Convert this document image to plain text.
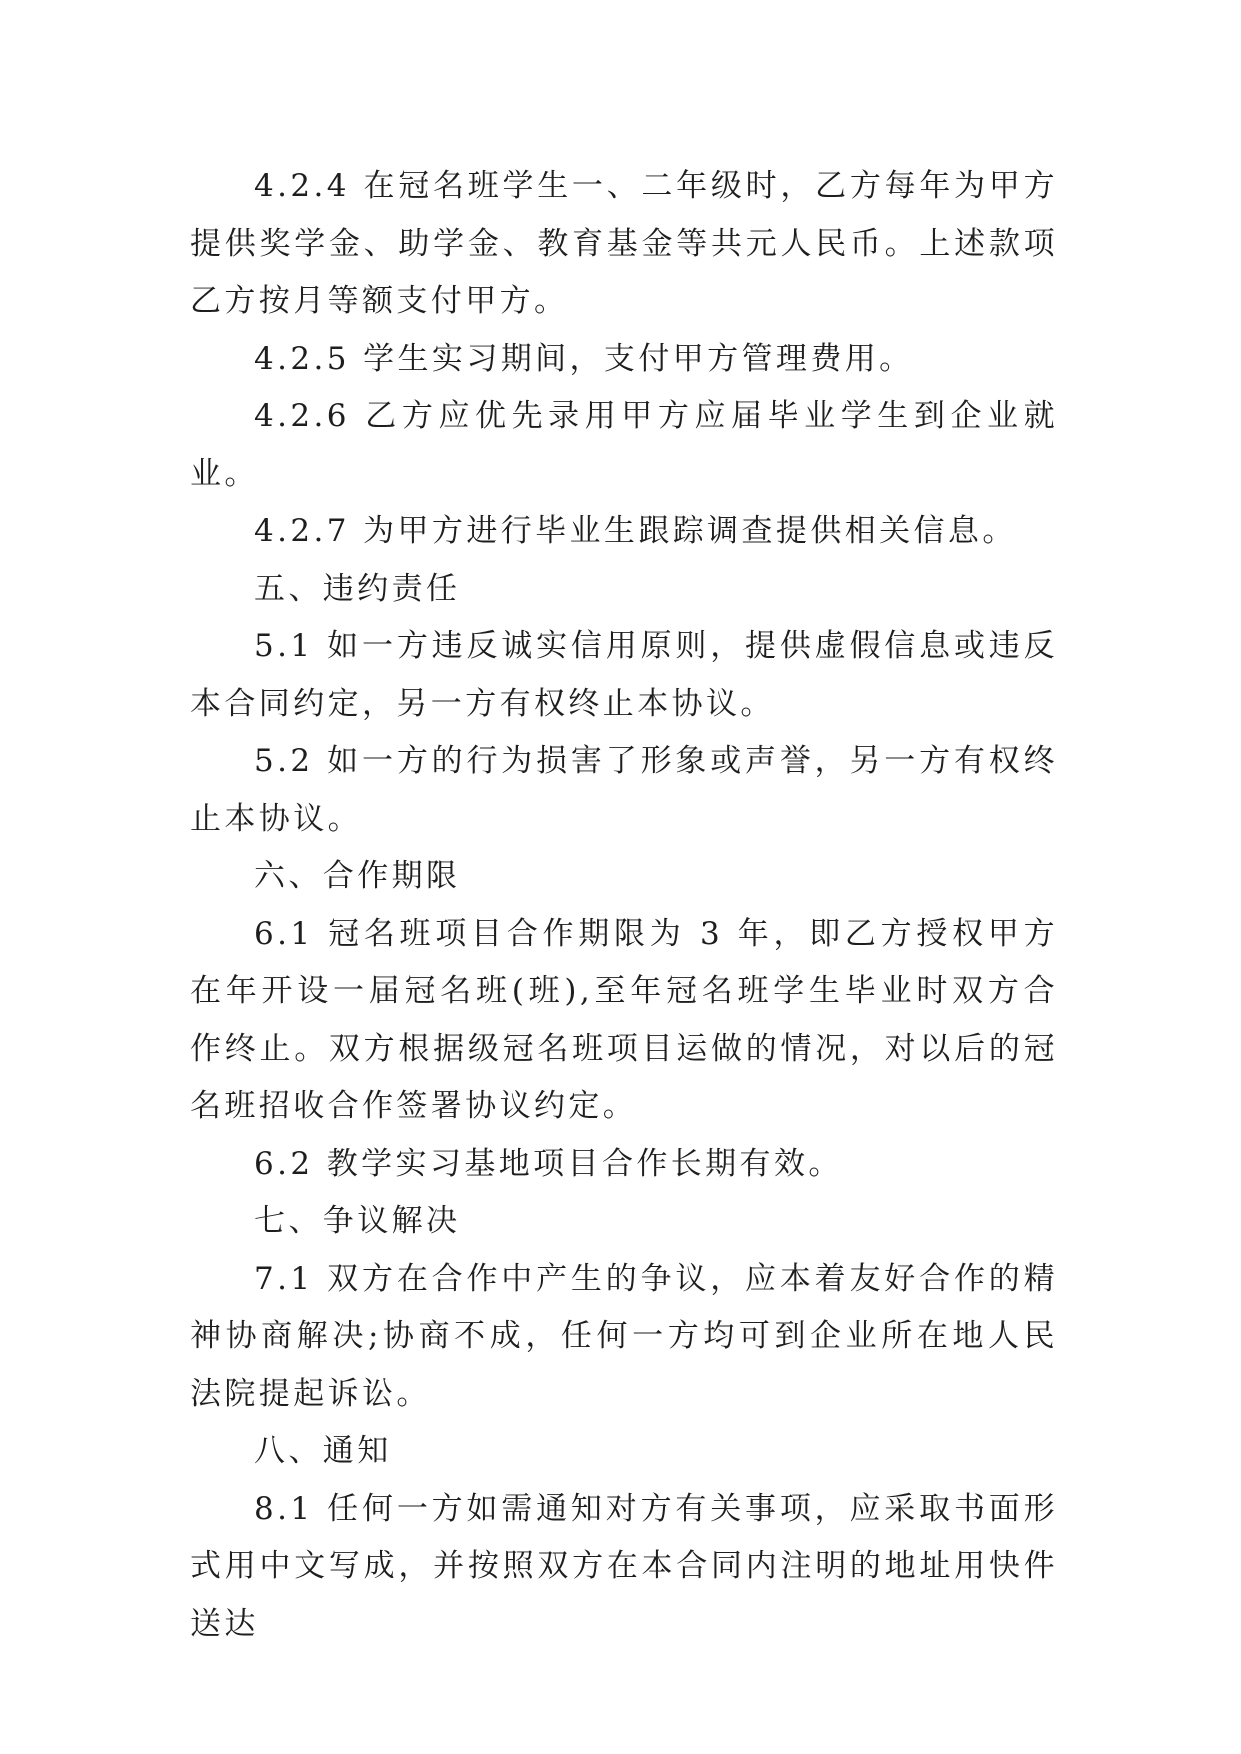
4.2.4 在冠名班学生一、二年级时，乙方每年为甲方提供奖学金、助学金、教育基金等共元人民币。上述款项乙方按月等额支付甲方。

4.2.5 学生实习期间，支付甲方管理费用。

4.2.6 乙方应优先录用甲方应届毕业学生到企业就业。

4.2.7 为甲方进行毕业生跟踪调查提供相关信息。

五、违约责任

5.1 如一方违反诚实信用原则，提供虚假信息或违反本合同约定，另一方有权终止本协议。

5.2 如一方的行为损害了形象或声誉，另一方有权终止本协议。

六、合作期限

6.1 冠名班项目合作期限为 3 年，即乙方授权甲方在年开设一届冠名班(班),至年冠名班学生毕业时双方合作终止。双方根据级冠名班项目运做的情况，对以后的冠名班招收合作签署协议约定。

6.2 教学实习基地项目合作长期有效。

七、争议解决

7.1 双方在合作中产生的争议，应本着友好合作的精神协商解决;协商不成，任何一方均可到企业所在地人民法院提起诉讼。

八、通知

8.1 任何一方如需通知对方有关事项，应采取书面形式用中文写成，并按照双方在本合同内注明的地址用快件送达
